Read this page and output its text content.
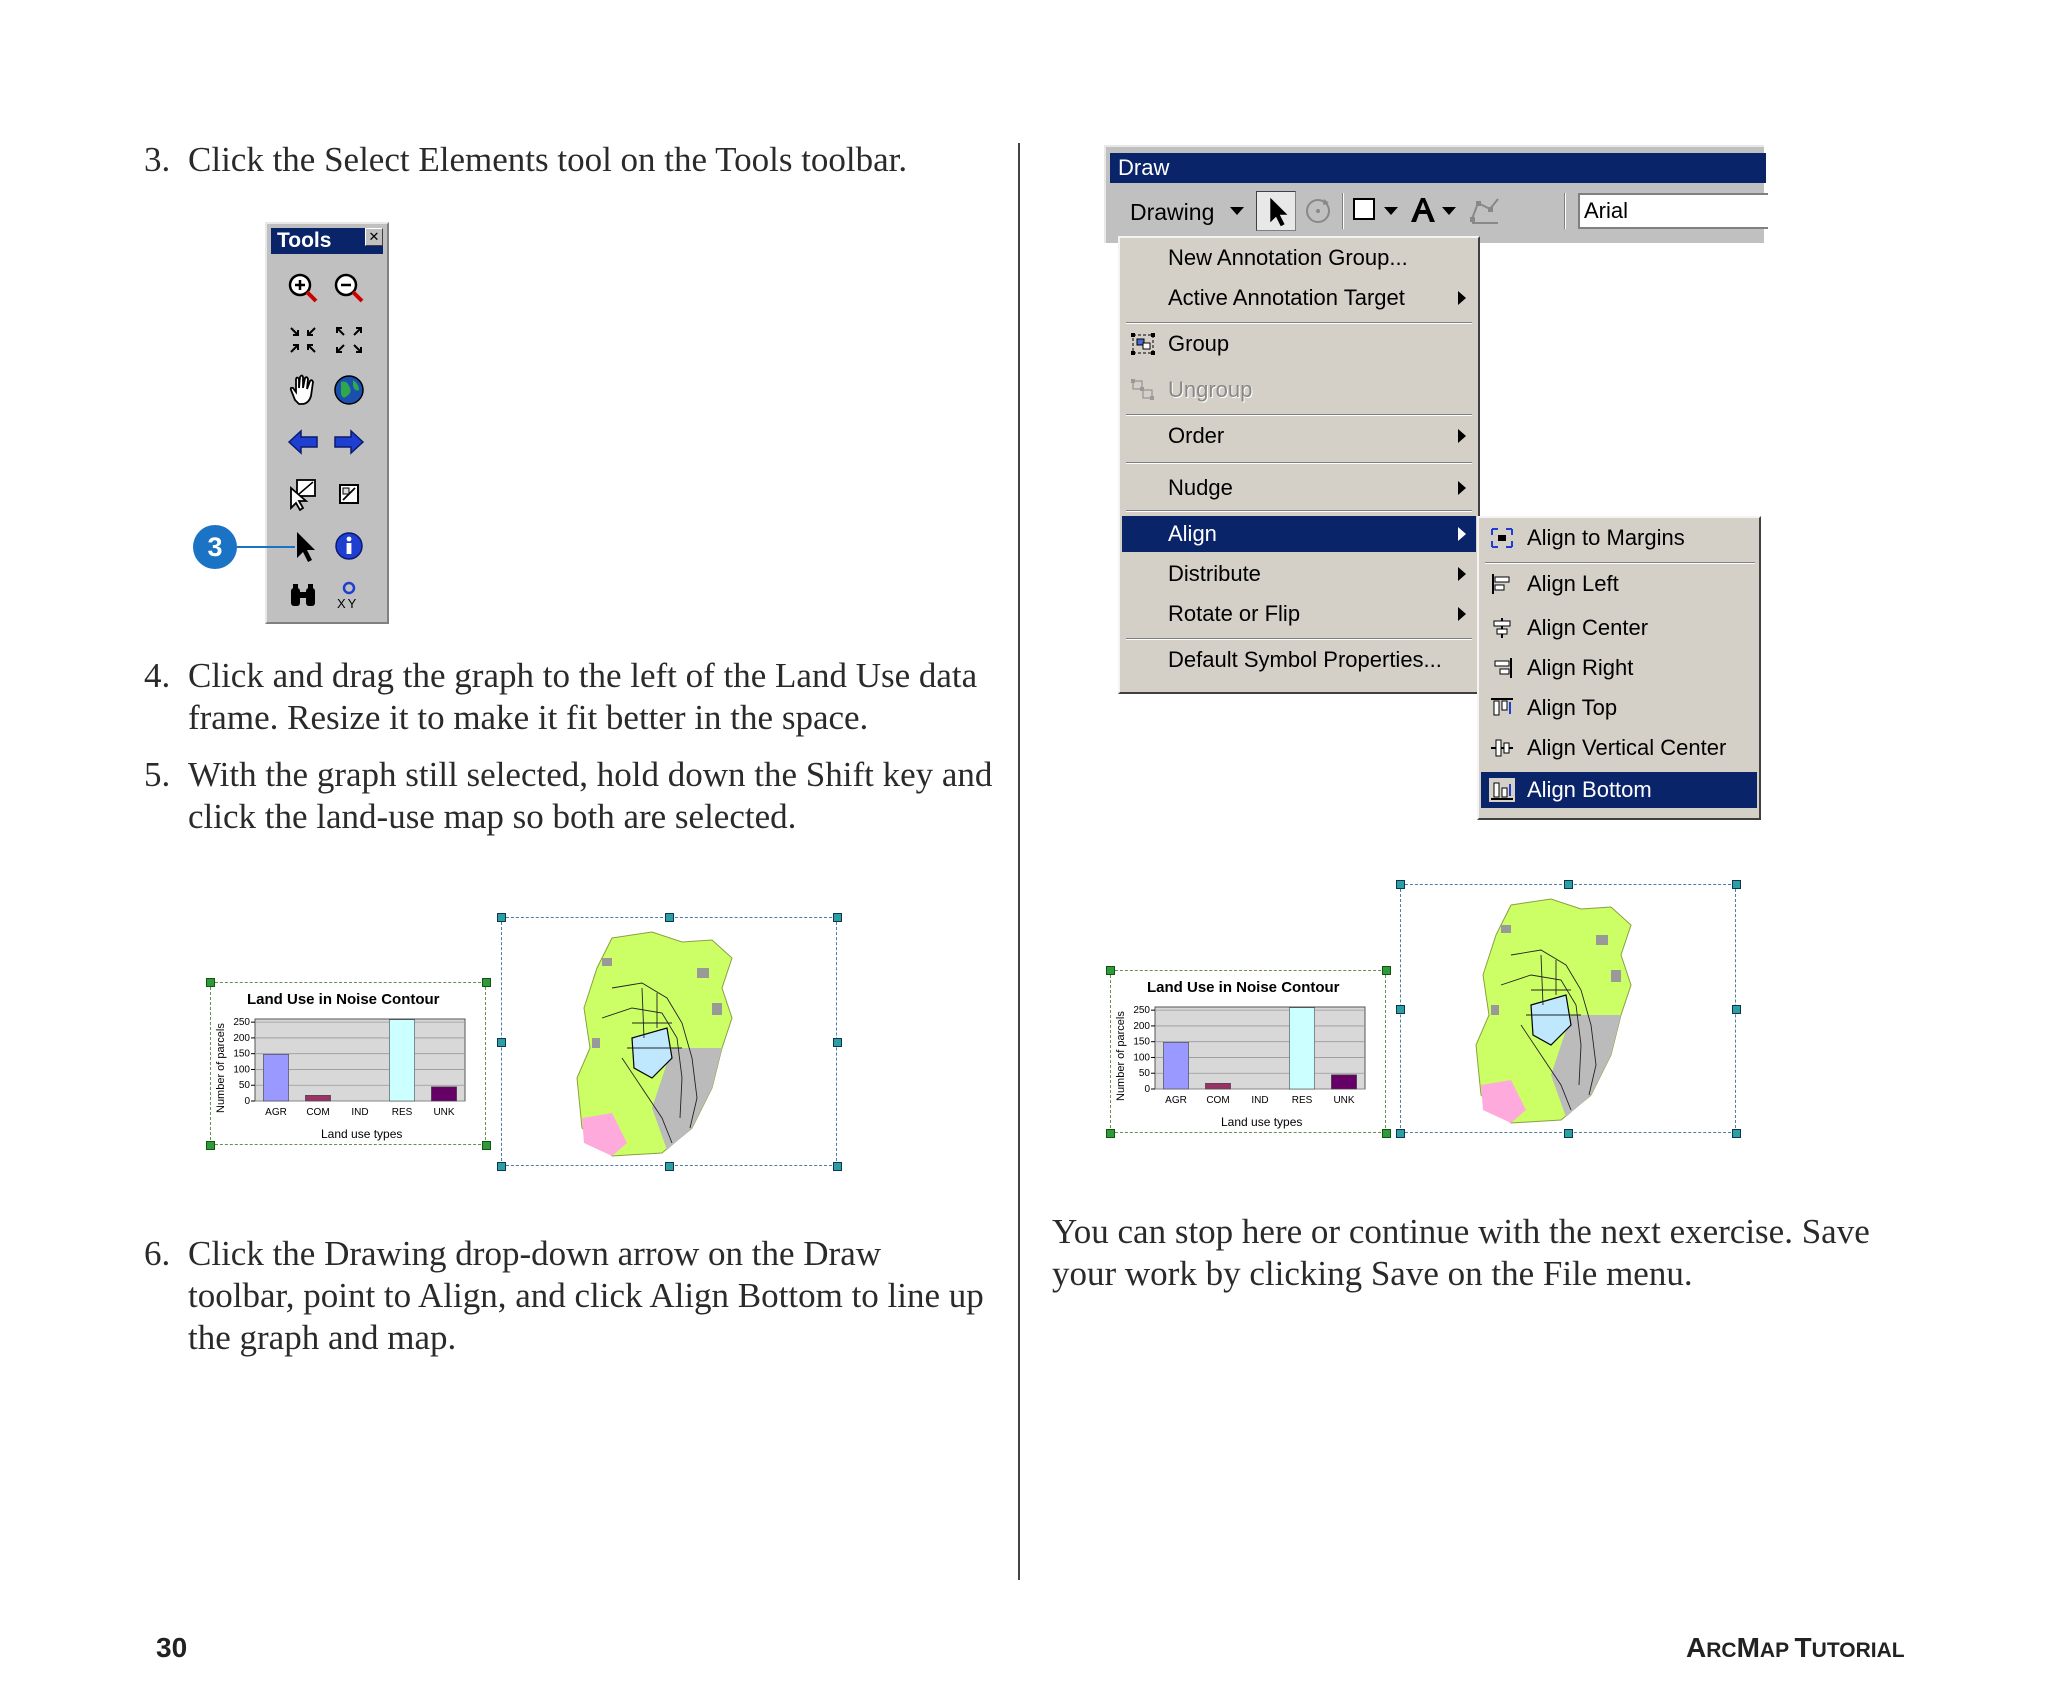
3. Click the Select Elements tool on the Tools toolbar.
Tools	✕
XY
3
4. Click and drag the graph to the left of the Land Use data
frame. Resize it to make it fit better in the space.
5. With the graph still selected, hold down the Shift key and
click the land-use map so both are selected.
Land Use in Noise Contour
Number of parcels 0
50
100
150
200
250
AGR COM IND RES UNK
Land use types
6. Click the Drawing drop-down arrow on the Draw
toolbar, point to Align, and click Align Bottom to line up
the graph and map.
Draw
Drawing	Arial
New Annotation Group...
Active Annotation Target
Group
Ungroup
Order
Nudge
Align
Distribute
Rotate or Flip
Default Symbol Properties...
Align to Margins
Align Left
Align Center
Align Right
Align Top
Align Vertical Center
Align Bottom
Land Use in Noise Contour
Number of parcels 0
50
100
150
200
250
AGR COM IND RES UNK
Land use types
You can stop here or continue with the next exercise. Save
your work by clicking Save on the File menu.
30	ARCMAP TUTORIAL
